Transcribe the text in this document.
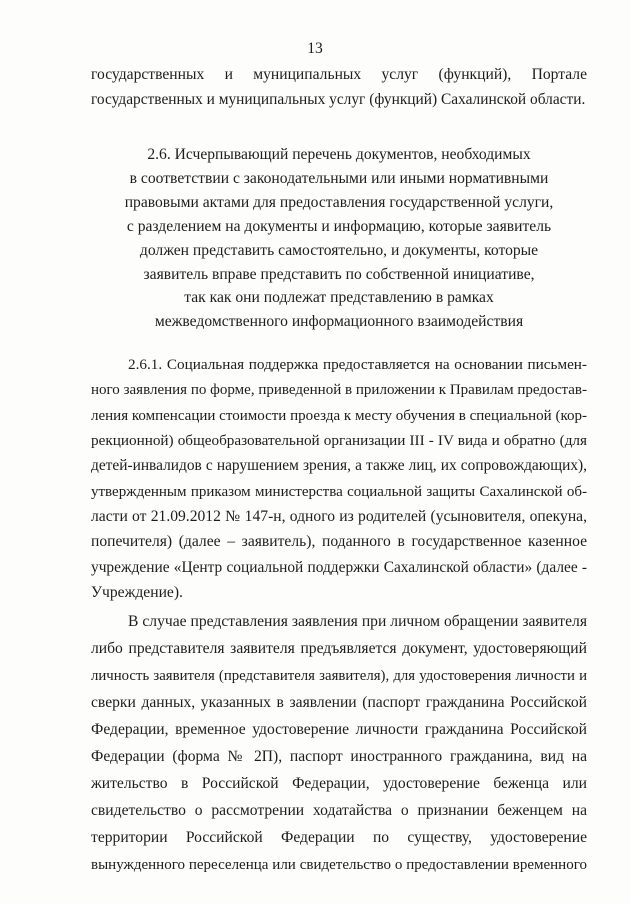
13
государственных и муниципальных услуг (функций), Портале
государственных и муниципальных услуг (функций) Сахалинской области.
2.6. Исчерпывающий перечень документов, необходимых
в соответствии с законодательными или иными нормативными
правовыми актами для предоставления государственной услуги,
с разделением на документы и информацию, которые заявитель
должен представить самостоятельно, и документы, которые
заявитель вправе представить по собственной инициативе,
так как они подлежат представлению в рамках
межведомственного информационного взаимодействия
2.6.1. Социальная поддержка предоставляется на основании письмен-
ного заявления по форме, приведенной в приложении к Правилам предостав-
ления компенсации стоимости проезда к месту обучения в специальной (кор-
рекционной) общеобразовательной организации III - IV вида и обратно (для
детей-инвалидов с нарушением зрения, а также лиц, их сопровождающих),
утвержденным приказом министерства социальной защиты Сахалинской об-
ласти от 21.09.2012 № 147-н, одного из родителей (усыновителя, опекуна,
попечителя) (далее – заявитель), поданного в государственное казенное
учреждение «Центр социальной поддержки Сахалинской области» (далее -
Учреждение).
В случае представления заявления при личном обращении заявителя
либо представителя заявителя предъявляется документ, удостоверяющий
личность заявителя (представителя заявителя), для удостоверения личности и
сверки данных, указанных в заявлении (паспорт гражданина Российской
Федерации, временное удостоверение личности гражданина Российской
Федерации (форма № 2П), паспорт иностранного гражданина, вид на
жительство в Российской Федерации, удостоверение беженца или
свидетельство о рассмотрении ходатайства о признании беженцем на
территории Российской Федерации по существу, удостоверение
вынужденного переселенца или свидетельство о предоставлении временного
